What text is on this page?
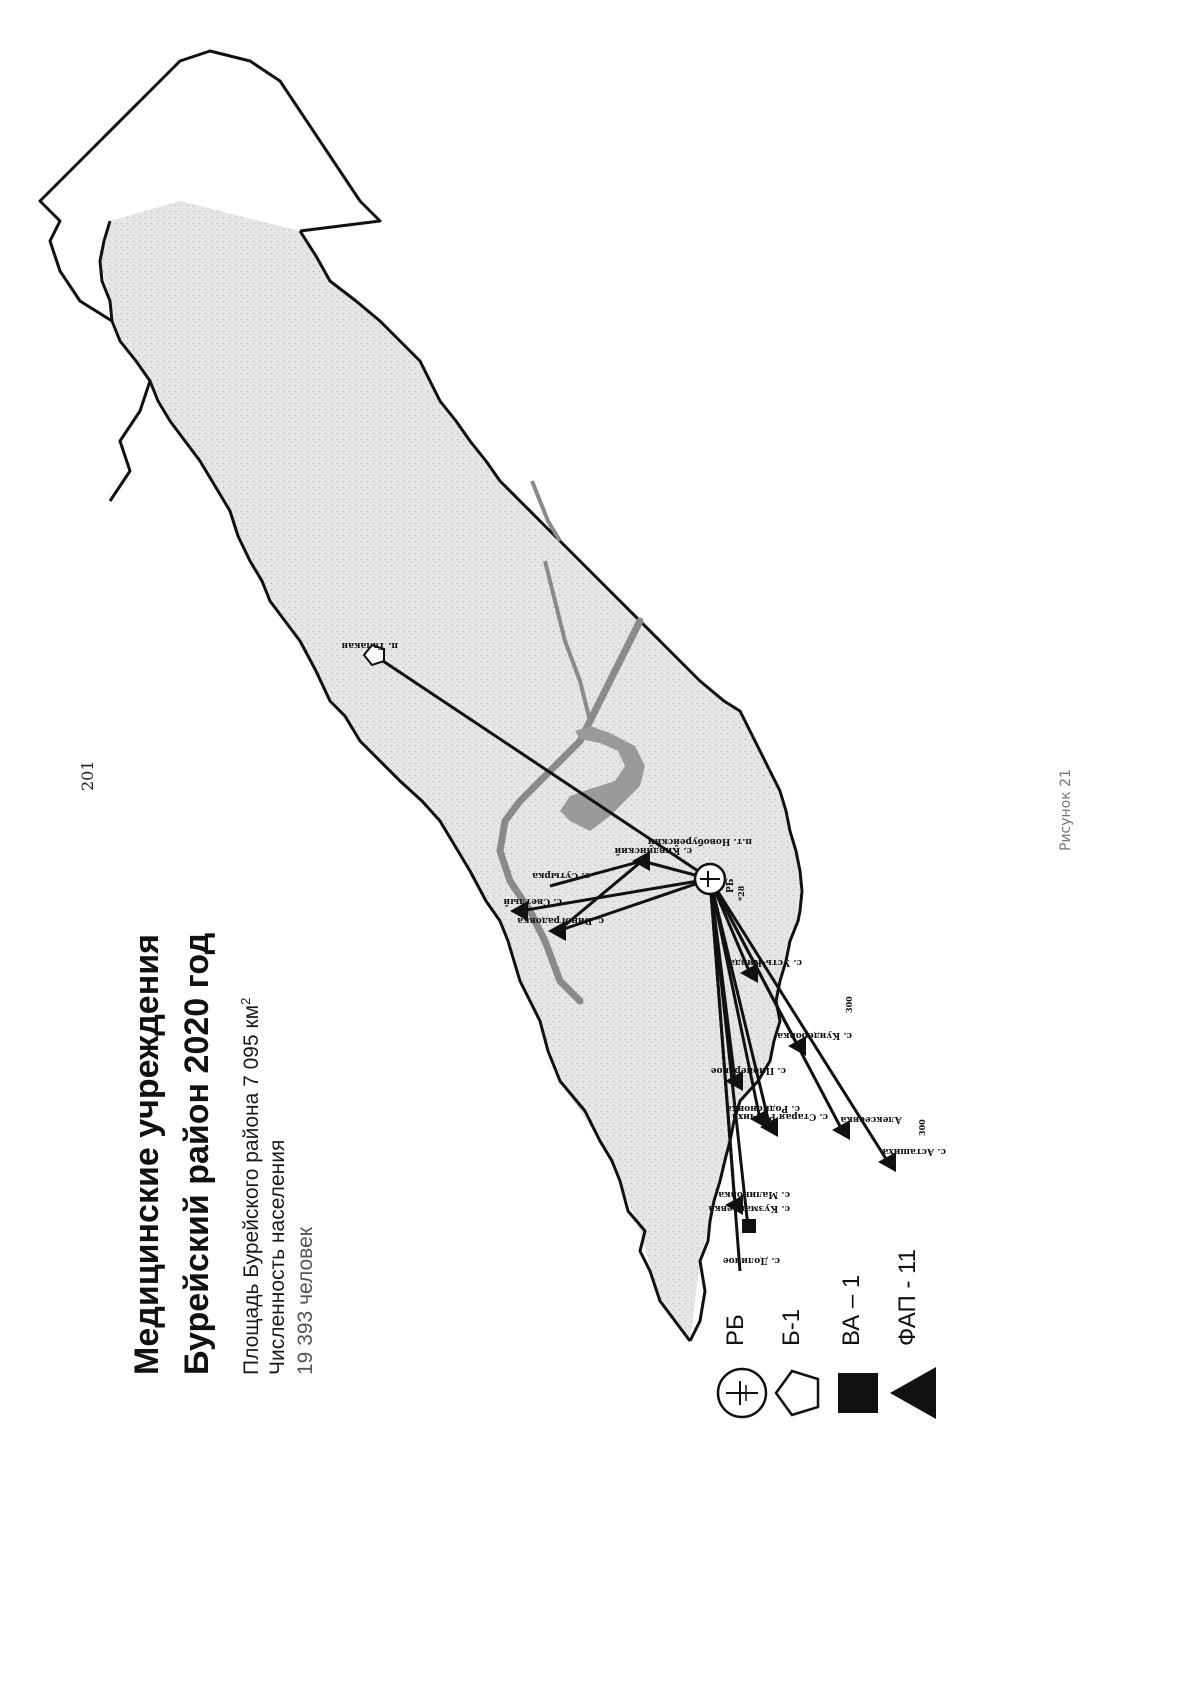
201
Медицинские учреждения Бурейский район 2020 год Площадь Бурейского района 7 095 $км^2$
Численность населения 19 393 человек	РБ Б-1 ВА – 1 ФАП - 11
РБ *28
п.т. Новобурейский
п. Талакан
с. Светлый
с. Виноградовка
с. Кивдинский
с. Сутырка
с. Усть-Кивда
с. Кундеровка
Алексеевка
с. Асташиха
с. Родионовка
с. Старая Райчиха
с. Малиновка
с. Пионерское
с. Кузмакеевка
с. Долиное
300
300
Рисунок 21
